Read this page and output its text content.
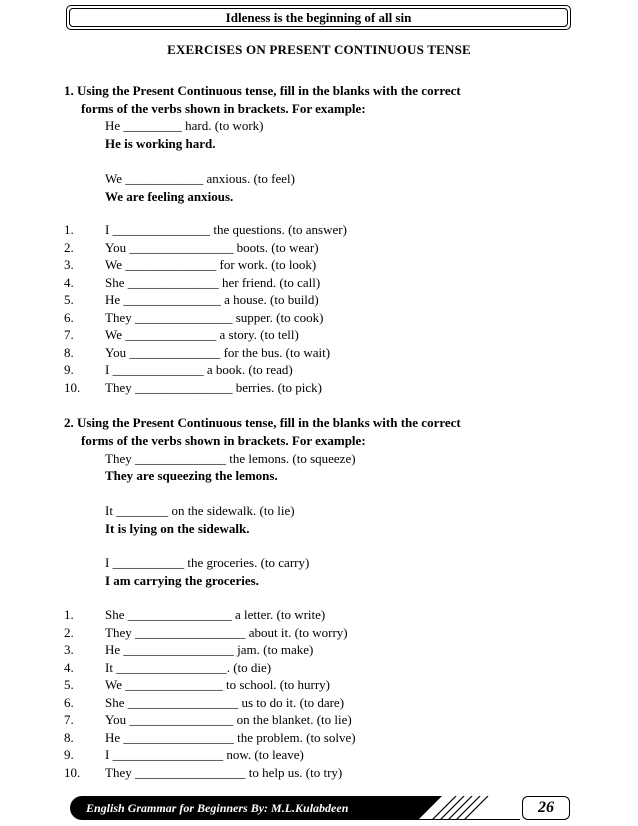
Idleness is the beginning of all sin
EXERCISES ON PRESENT CONTINUOUS TENSE
1. Using the Present Continuous tense, fill in the blanks with the correct
forms of the verbs shown in brackets. For example:
He _________ hard. (to work)
He is working hard.
We ____________ anxious. (to feel)
We are feeling anxious.
1. I _______________ the questions. (to answer)
2. You ________________ boots. (to wear)
3. We ______________ for work. (to look)
4. She ______________ her friend. (to call)
5. He _______________ a house. (to build)
6. They _______________ supper. (to cook)
7. We ______________ a story. (to tell)
8. You ______________ for the bus. (to wait)
9. I ______________ a book. (to read)
10. They _______________ berries. (to pick)
2. Using the Present Continuous tense, fill in the blanks with the correct
forms of the verbs shown in brackets. For example:
They ______________ the lemons. (to squeeze)
They are squeezing the lemons.
It ________ on the sidewalk. (to lie)
It is lying on the sidewalk.
I ___________ the groceries. (to carry)
I am carrying the groceries.
1. She ________________ a letter. (to write)
2. They _________________ about it. (to worry)
3. He _________________ jam. (to make)
4. It _________________. (to die)
5. We _______________ to school. (to hurry)
6. She _________________ us to do it. (to dare)
7. You ________________ on the blanket. (to lie)
8. He _________________ the problem. (to solve)
9. I _________________ now. (to leave)
10. They _________________ to help us. (to try)
English Grammar for Beginners By: M.L.Kulabdeen	26
